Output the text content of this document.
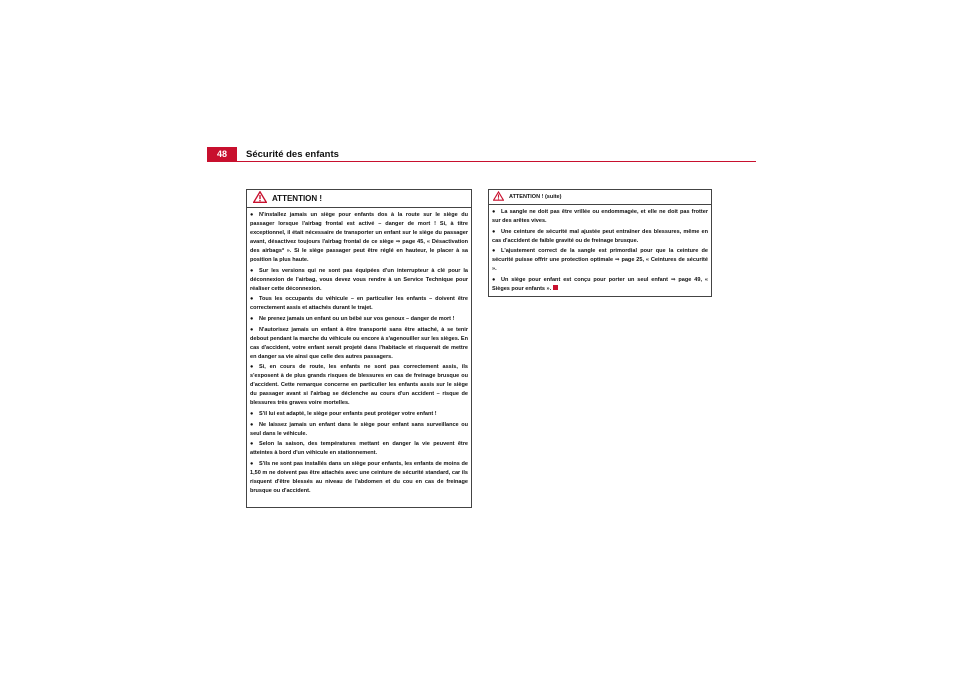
48	Sécurité des enfants
ATTENTION !

● N'installez jamais un siège pour enfants dos à la route sur le siège du passager lorsque l'airbag frontal est activé – danger de mort ! Si, à titre exceptionnel, il était nécessaire de transporter un enfant sur le siège du passager avant, désactivez toujours l'airbag frontal de ce siège ⇒ page 45, « Désactivation des airbags* ». Si le siège passager peut être réglé en hauteur, le placer à sa position la plus haute.

● Sur les versions qui ne sont pas équipées d'un interrupteur à clé pour la déconnexion de l'airbag, vous devez vous rendre à un Service Technique pour réaliser cette déconnexion.

● Tous les occupants du véhicule – en particulier les enfants – doivent être correctement assis et attachés durant le trajet.

● Ne prenez jamais un enfant ou un bébé sur vos genoux – danger de mort !

● N'autorisez jamais un enfant à être transporté sans être attaché, à se tenir debout pendant la marche du véhicule ou encore à s'agenouiller sur les sièges. En cas d'accident, votre enfant serait projeté dans l'habitacle et risquerait de mettre en danger sa vie ainsi que celle des autres passagers.

● Si, en cours de route, les enfants ne sont pas correctement assis, ils s'exposent à de plus grands risques de blessures en cas de freinage brusque ou d'accident. Cette remarque concerne en particulier les enfants assis sur le siège du passager avant si l'airbag se déclenche au cours d'un accident – risque de blessures très graves voire mortelles.

● S'il lui est adapté, le siège pour enfants peut protéger votre enfant !

● Ne laissez jamais un enfant dans le siège pour enfant sans surveillance ou seul dans le véhicule.

● Selon la saison, des températures mettant en danger la vie peuvent être atteintes à bord d'un véhicule en stationnement.

● S'ils ne sont pas installés dans un siège pour enfants, les enfants de moins de 1,50 m ne doivent pas être attachés avec une ceinture de sécurité standard, car ils risquent d'être blessés au niveau de l'abdomen et du cou en cas de freinage brusque ou d'accident.

ATTENTION ! (suite)

● La sangle ne doit pas être vrillée ou endommagée, et elle ne doit pas frotter sur des arêtes vives.

● Une ceinture de sécurité mal ajustée peut entraîner des blessures, même en cas d'accident de faible gravité ou de freinage brusque.

● L'ajustement correct de la sangle est primordial pour que la ceinture de sécurité puisse offrir une protection optimale ⇒ page 25, « Ceintures de sécurité ».

● Un siège pour enfant est conçu pour porter un seul enfant ⇒ page 49, « Sièges pour enfants ».
